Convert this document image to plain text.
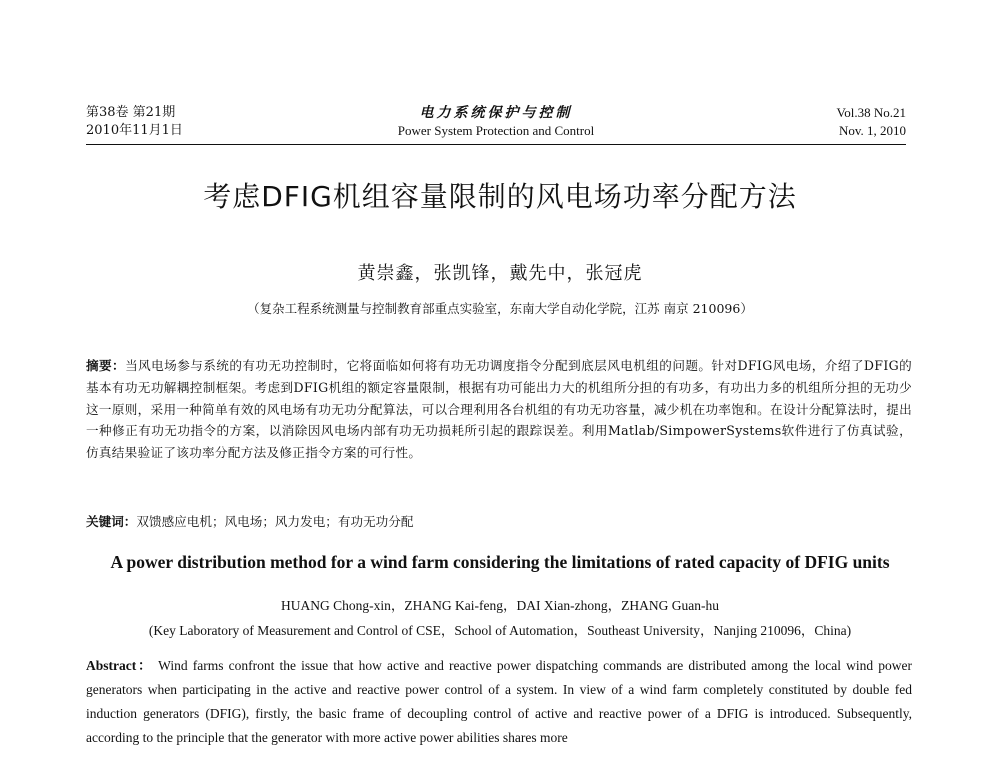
第38卷 第21期
2010年11月1日
电力系统保护与控制
Power System Protection and Control
Vol.38 No.21
Nov. 1, 2010
考虑DFIG机组容量限制的风电场功率分配方法
黄崇鑫，张凯锋，戴先中，张冠虎
（复杂工程系统测量与控制教育部重点实验室，东南大学自动化学院，江苏 南京 210096）
摘要：当风电场参与系统的有功无功控制时，它将面临如何将有功无功调度指令分配到底层风电机组的问题。针对DFIG风电场，介绍了DFIG的基本有功无功解耦控制框架。考虑到DFIG机组的额定容量限制，根据有功可能出力大的机组所分担的有功多，有功出力多的机组所分担的无功少这一原则，采用一种简单有效的风电场有功无功分配算法，可以合理利用各台机组的有功无功容量，减少机在功率饱和。在设计分配算法时，提出一种修正有功无功指令的方案，以消除因风电场内部有功无功损耗所引起的跟踪误差。利用Matlab/SimpowerSystems软件进行了仿真试验，仿真结果验证了该功率分配方法及修正指令方案的可行性。
关键词：双馈感应电机；风电场；风力发电；有功无功分配
A power distribution method for a wind farm considering the limitations of rated capacity of DFIG units
HUANG Chong-xin，ZHANG Kai-feng，DAI Xian-zhong，ZHANG Guan-hu
(Key Laboratory of Measurement and Control of CSE，School of Automation，Southeast University，Nanjing 210096，China)
Abstract： Wind farms confront the issue that how active and reactive power dispatching commands are distributed among the local wind power generators when participating in the active and reactive power control of a system. In view of a wind farm completely constituted by double fed induction generators (DFIG), firstly, the basic frame of decoupling control of active and reactive power of a DFIG is introduced. Subsequently, according to the principle that the generator with more active power abilities shares more
